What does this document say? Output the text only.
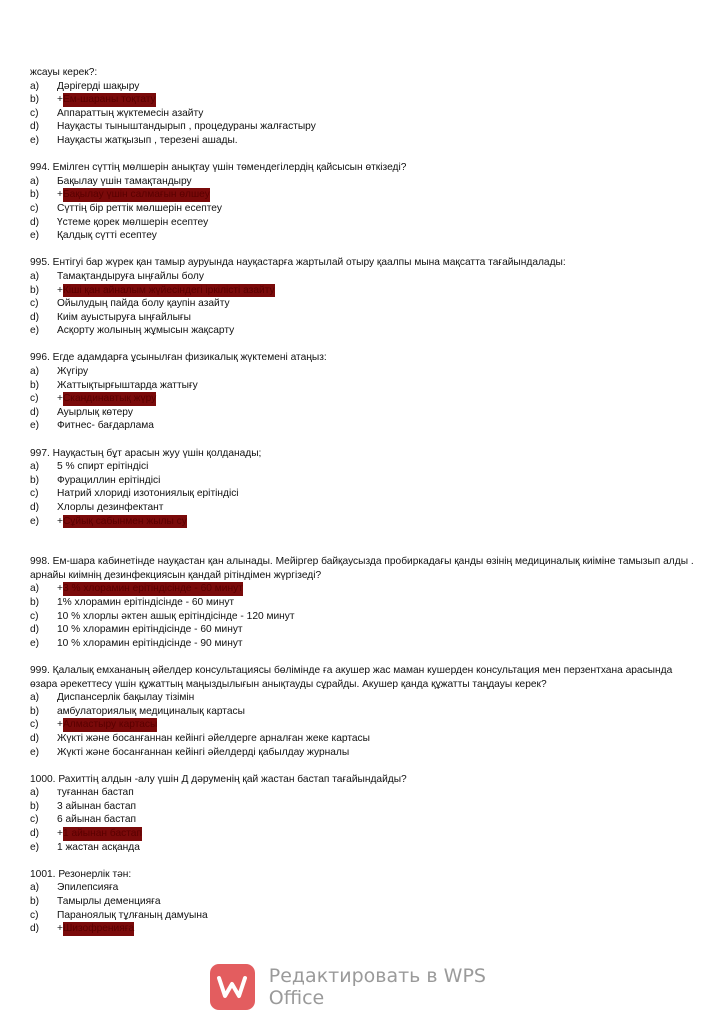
жсауы керек?:
a)	Дәрігерді шақыру
b)	+ Ем-шараны тоқтату
c)	Аппараттың жүктемесін азайту
d)	Науқасты тыныштандырып , процедураны жалғастыру
e)	Науқасты жатқызып , терезені ашады.
994. Емілген сүттің мөлшерін анықтау үшін төмендегілердің қайсысын өткізеді?
a)	Бақылау үшін тамақтандыру
b)	+ Бақылау үшін салмағын өлшеу
c)	Сүттің бір реттік мөлшерін есептеу
d)	Үстеме қорек мөлшерін есептеу
e)	Қалдық сүтті есептеу
995. Ентігуі бар жүрек қан тамыр ауруында науқастарға жартылай отыру қаалпы мына мақсатта тағайындалады:
a)	Тамақтандыруға ыңғайлы болу
b)	+ Кіші қан айналым жүйесіндегі іркілісті азайту
c)	Ойылудың пайда болу қаупін азайту
d)	Киім ауыстыруға ыңғайлығы
e)	Асқорту жолының жұмысын жақсарту
996. Егде адамдарға ұсынылған физикалық жүктемені атаңыз:
a)	Жүгіру
b)	Жаттықтырғыштарда жаттығу
c)	+ Скандинавтық жүру
d)	Ауырлық көтеру
e)	Фитнес- бағдарлама
997. Науқастың бұт арасын жуу үшін қолданады;
a)	5 % спирт ерітіндісі
b)	Фурациллин ерітіндісі
c)	Натрий хлориді изотониялық ерітіндісі
d)	Хлорлы дезинфектант
e)	+ Сұйық сабынмен жылы су
998. Ем-шара кабинетінде науқастан қан алынады. Мейіргер байқаусызда пробиркадағы қанды өзінің медициналық киіміне тамызып алды . арнайы киімнің дезинфекциясын қандай рітіндімен жүргізеді?
a)	+ 3 % хлорамин ерітіндісінде - 60 минут
b)	1% хлорамин ерітіндісінде - 60 минут
c)	10 % хлорлы әктен ашық ерітіндісінде - 120 минут
d)	10 % хлорамин ерітіндісінде - 60 минут
e)	10 % хлорамин ерітіндісінде - 90 минут
999. Қалалық емхананың әйелдер консультациясы бөлімінде ға акушер жас маман кушерден консультация мен перзентхана арасында өзара әрекеттесу үшін құжаттың маңыздылығын анықтауды сұрайды. Акушер қанда құжатты таңдауы керек?
a)	Диспансерлік бақылау тізімін
b)	амбулаториялық медициналық картасы
c)	+ Алмастыру картасы
d)	Жүкті және босанғаннан кейінгі әйелдерге арналған жеке картасы
e)	Жүкті және босанғаннан кейінгі әйелдерді қабылдау журналы
1000. Рахиттің алдын -алу үшін Д дәруменің қай жастан бастап тағайындайды?
a)	туғаннан бастап
b)	3 айынан бастап
c)	6 айынан бастап
d)	+ 1 айынан бастап
e)	1 жастан асқанда
1001. Резонерлік тән:
a)	Эпилепсияға
b)	Тамырлы деменцияға
c)	Параноялық тұлғаның дамуына
d)	+ Шизофренияға
Редактировать в WPS Office
